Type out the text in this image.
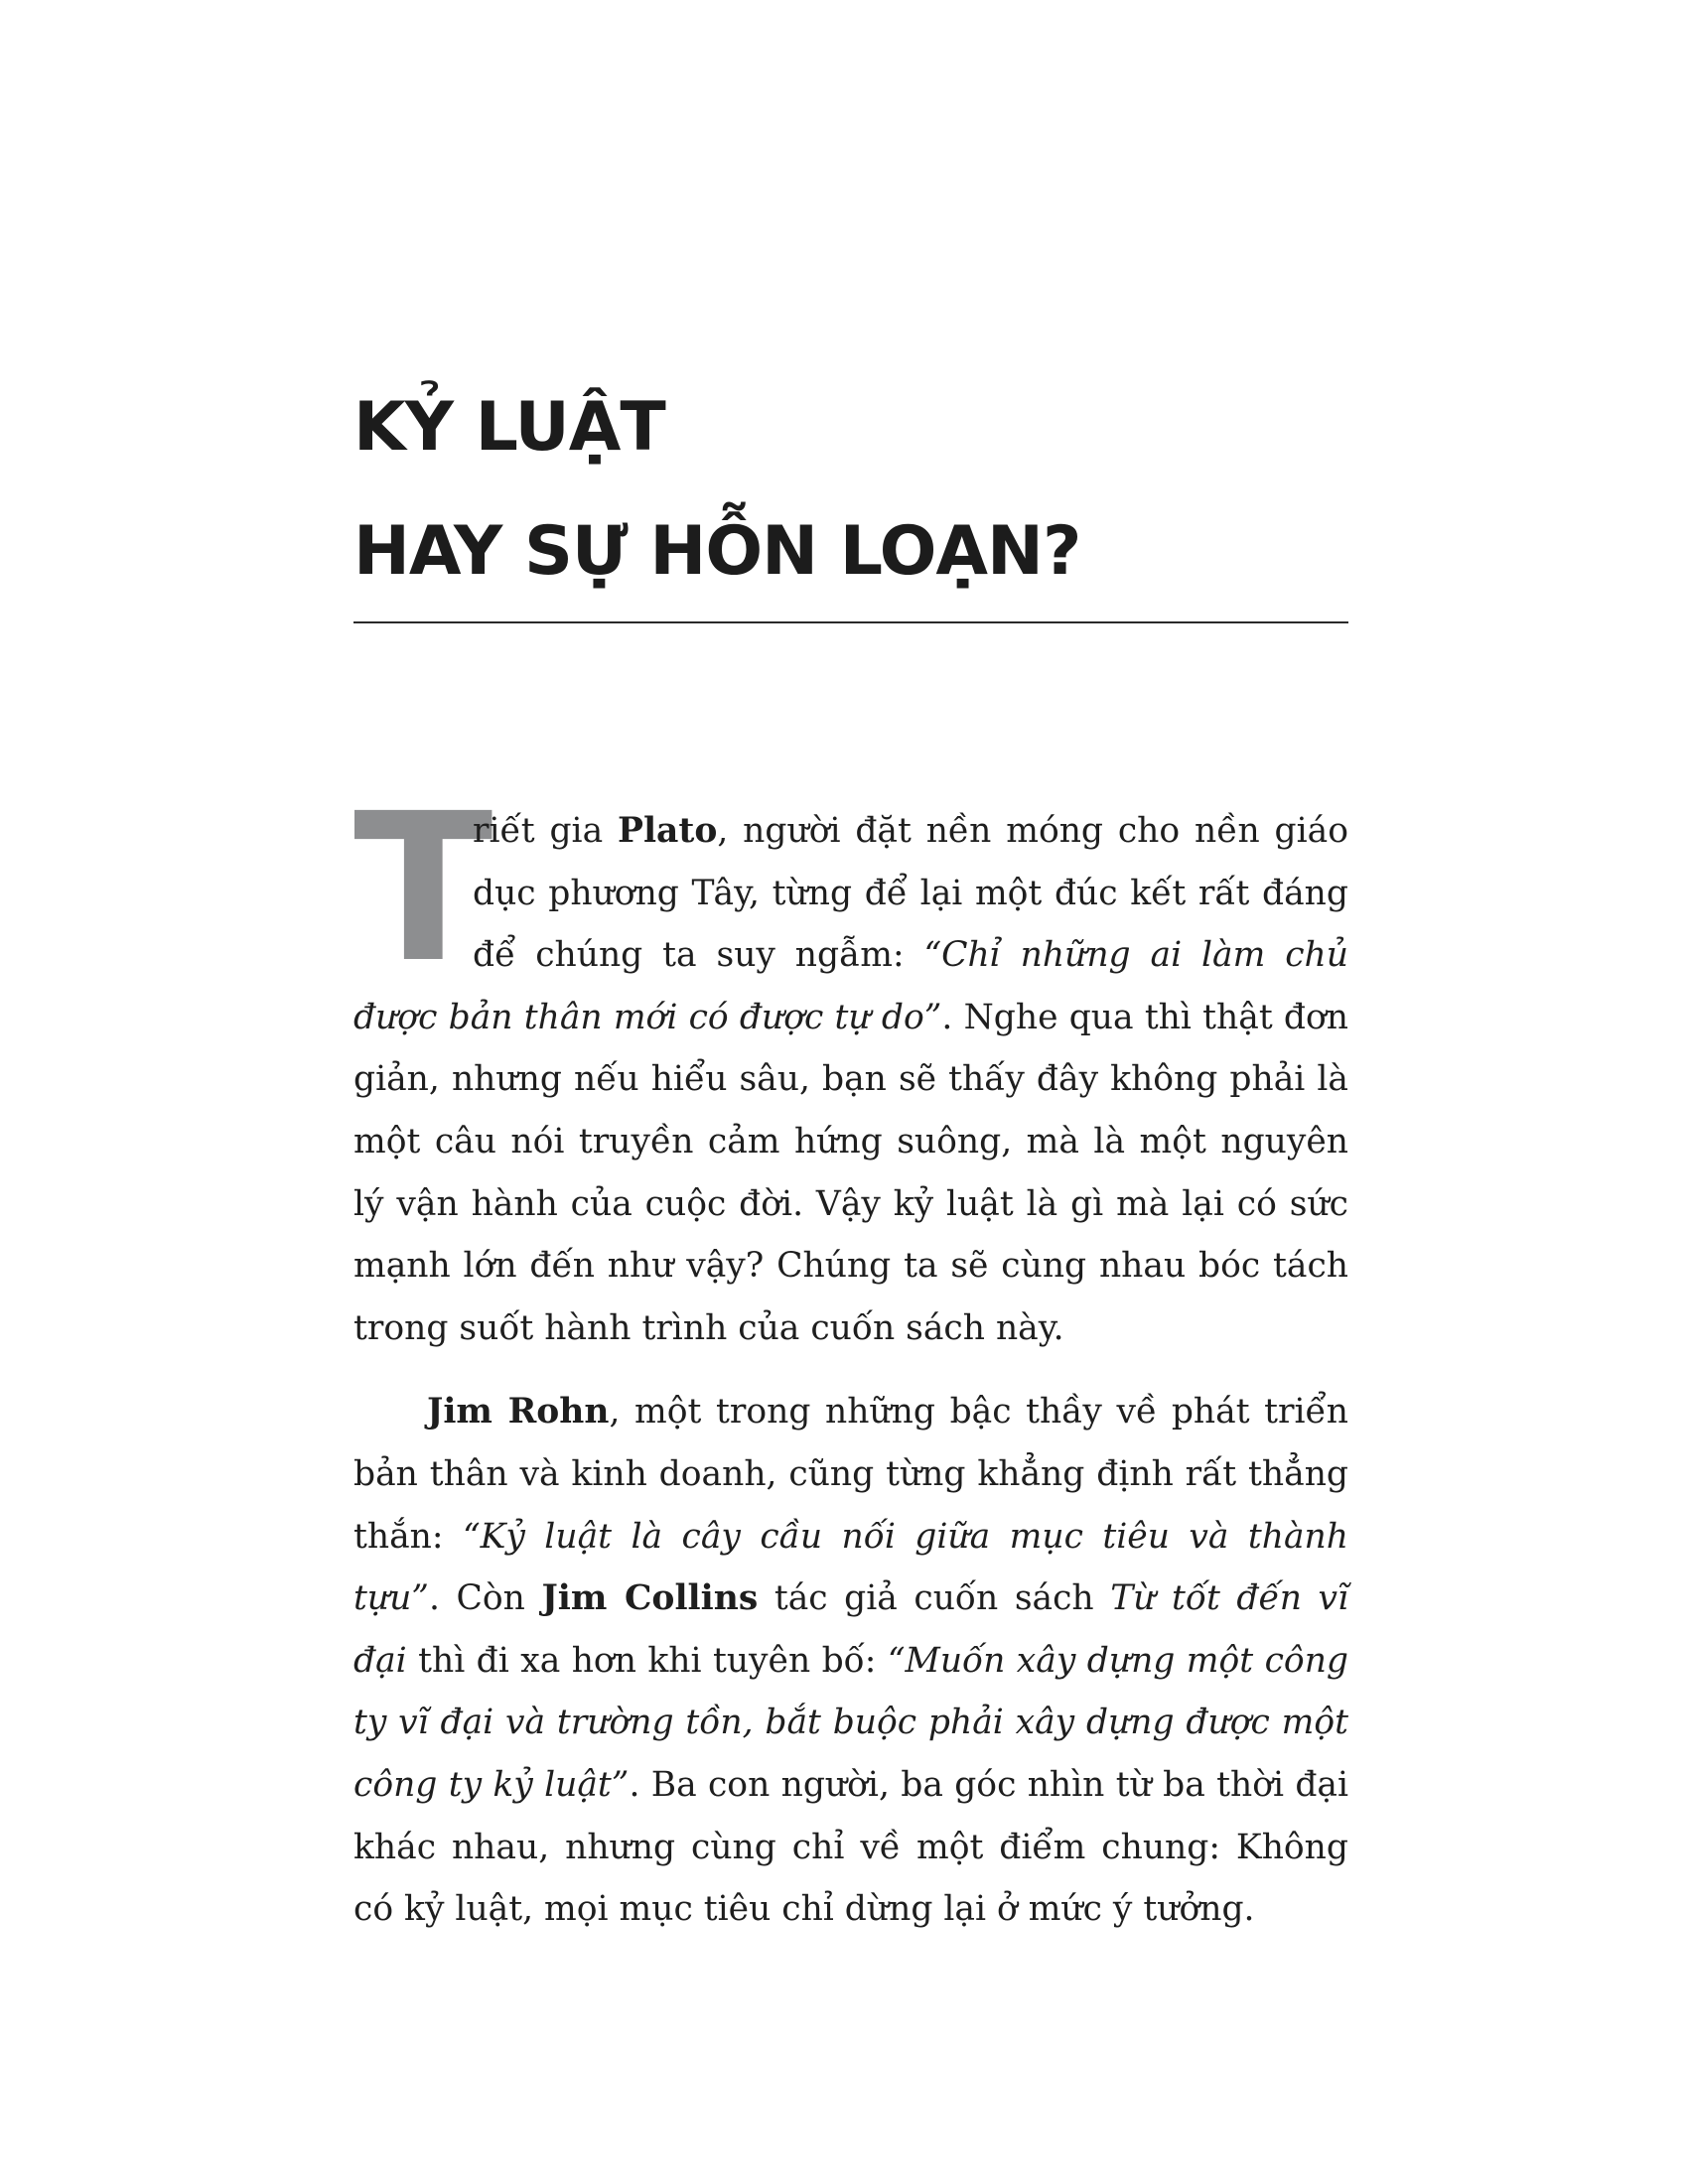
KỶ LUẬT
HAY SỰ HỖN LOẠN?

T
riết gia Plato, người đặt nền móng cho nền giáo dục phương Tây, từng để lại một đúc kết rất đáng để chúng ta suy ngẫm: “Chỉ những ai làm chủ được bản thân mới có được tự do”. Nghe qua thì thật đơn giản, nhưng nếu hiểu sâu, bạn sẽ thấy đây không phải là một câu nói truyền cảm hứng suông, mà là một nguyên lý vận hành của cuộc đời. Vậy kỷ luật là gì mà lại có sức mạnh lớn đến như vậy? Chúng ta sẽ cùng nhau bóc tách trong suốt hành trình của cuốn sách này.

Jim Rohn, một trong những bậc thầy về phát triển bản thân và kinh doanh, cũng từng khẳng định rất thẳng thắn: “Kỷ luật là cây cầu nối giữa mục tiêu và thành tựu”. Còn Jim Collins tác giả cuốn sách Từ tốt đến vĩ đại thì đi xa hơn khi tuyên bố: “Muốn xây dựng một công ty vĩ đại và trường tồn, bắt buộc phải xây dựng được một công ty kỷ luật”. Ba con người, ba góc nhìn từ ba thời đại khác nhau, nhưng cùng chỉ về một điểm chung: Không có kỷ luật, mọi mục tiêu chỉ dừng lại ở mức ý tưởng.
